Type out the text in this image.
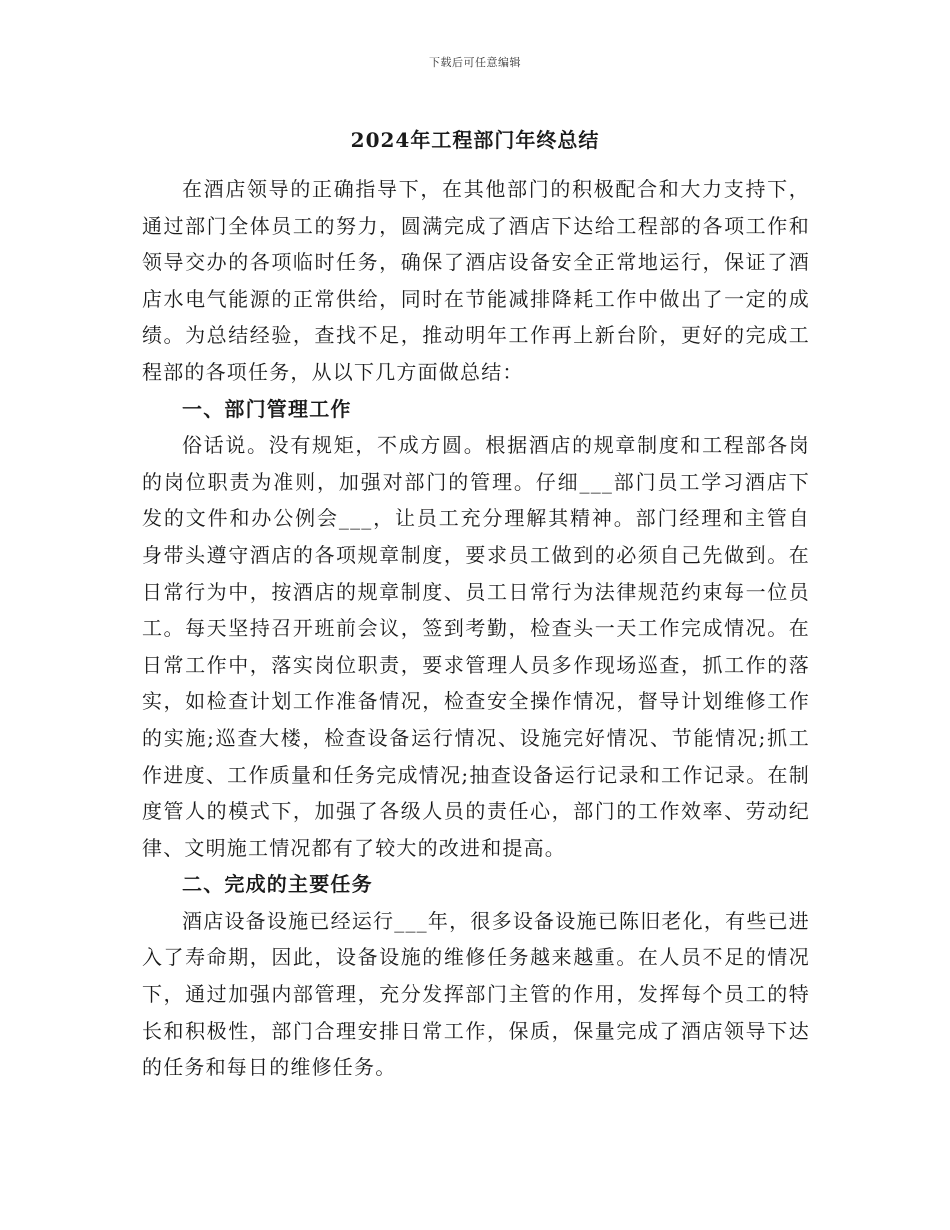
下载后可任意编辑
2024年工程部门年终总结

在酒店领导的正确指导下，在其他部门的积极配合和大力支持下，通过部门全体员工的努力，圆满完成了酒店下达给工程部的各项工作和领导交办的各项临时任务，确保了酒店设备安全正常地运行，保证了酒店水电气能源的正常供给，同时在节能减排降耗工作中做出了一定的成绩。为总结经验，查找不足，推动明年工作再上新台阶，更好的完成工程部的各项任务，从以下几方面做总结：

一、部门管理工作

俗话说。没有规矩，不成方圆。根据酒店的规章制度和工程部各岗的岗位职责为准则，加强对部门的管理。仔细___部门员工学习酒店下发的文件和办公例会___，让员工充分理解其精神。部门经理和主管自身带头遵守酒店的各项规章制度，要求员工做到的必须自己先做到。在日常行为中，按酒店的规章制度、员工日常行为法律规范约束每一位员工。每天坚持召开班前会议，签到考勤，检查头一天工作完成情况。在日常工作中，落实岗位职责，要求管理人员多作现场巡查，抓工作的落实，如检查计划工作准备情况，检查安全操作情况，督导计划维修工作的实施;巡查大楼，检查设备运行情况、设施完好情况、节能情况;抓工作进度、工作质量和任务完成情况;抽查设备运行记录和工作记录。在制度管人的模式下，加强了各级人员的责任心，部门的工作效率、劳动纪律、文明施工情况都有了较大的改进和提高。

二、完成的主要任务

酒店设备设施已经运行___年，很多设备设施已陈旧老化，有些已进入了寿命期，因此，设备设施的维修任务越来越重。在人员不足的情况下，通过加强内部管理，充分发挥部门主管的作用，发挥每个员工的特长和积极性，部门合理安排日常工作，保质，保量完成了酒店领导下达的任务和每日的维修任务。
